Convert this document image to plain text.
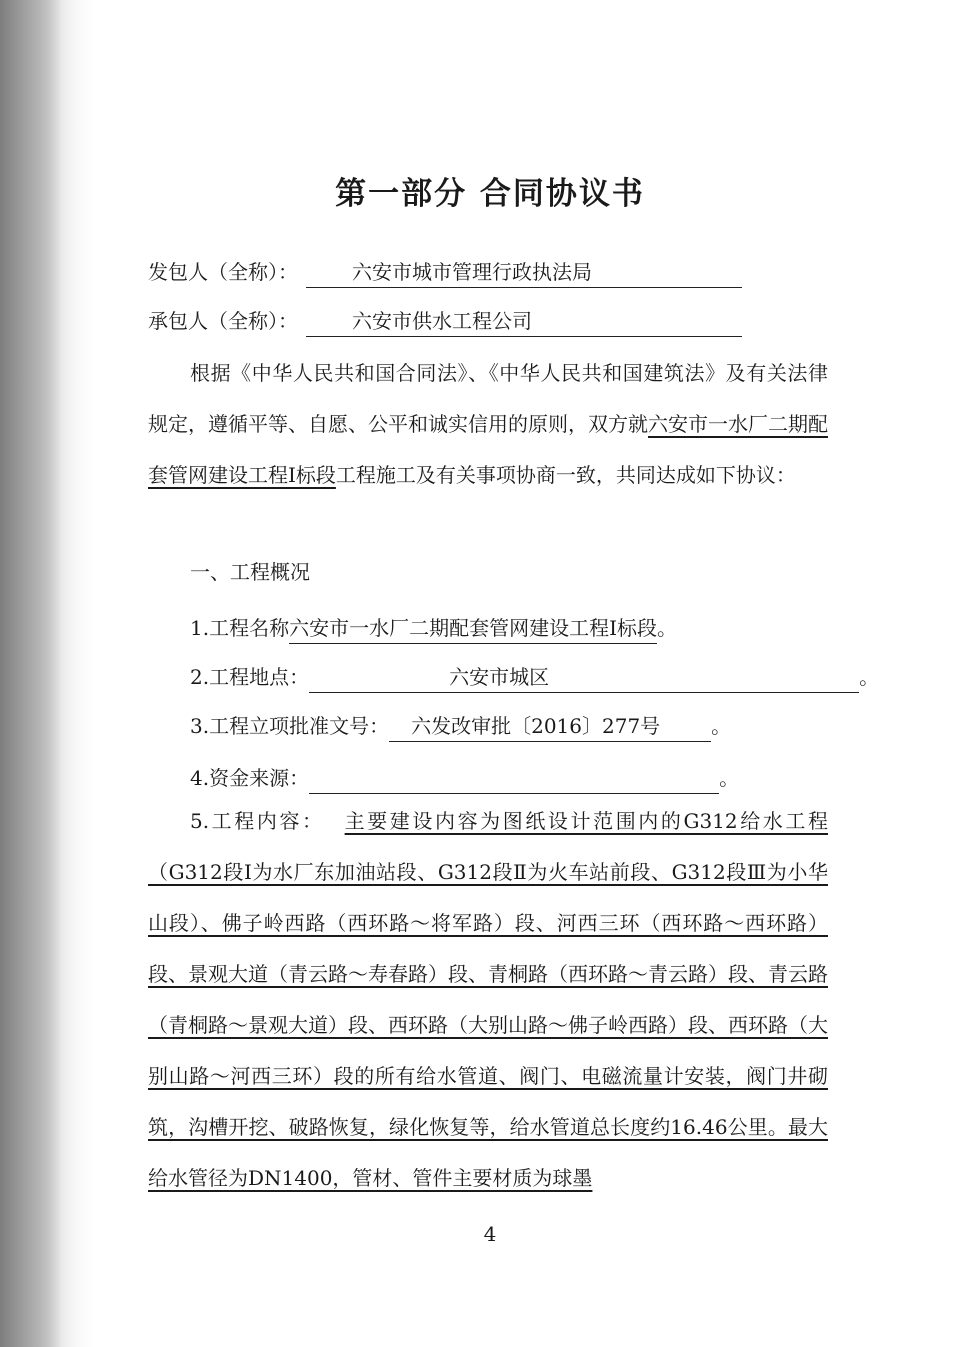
第一部分 合同协议书
发包人（全称）：	六安市城市管理行政执法局
承包人（全称）：	六安市供水工程公司
根据《中华人民共和国合同法》、《中华人民共和国建筑法》及有关法律规定，遵循平等、自愿、公平和诚实信用的原则，双方就六安市一水厂二期配套管网建设工程Ⅰ标段工程施工及有关事项协商一致，共同达成如下协议：
一、工程概况
1.工程名称六安市一水厂二期配套管网建设工程Ⅰ标段。
2.工程地点：	六安市城区	。
3.工程立项批准文号： 六发改审批〔2016〕277号	。
4.资金来源：	。
5.工程内容： 主要建设内容为图纸设计范围内的G312给水工程（G312段Ⅰ为水厂东加油站段、G312段Ⅱ为火车站前段、G312段Ⅲ为小华山段）、佛子岭西路（西环路～将军路）段、河西三环（西环路～西环路）段、景观大道（青云路～寿春路）段、青桐路（西环路～青云路）段、青云路（青桐路～景观大道）段、西环路（大别山路～佛子岭西路）段、西环路（大别山路～河西三环）段的所有给水管道、阀门、电磁流量计安装，阀门井砌筑，沟槽开挖、破路恢复，绿化恢复等，给水管道总长度约16.46公里。最大给水管径为DN1400，管材、管件主要材质为球墨
4
